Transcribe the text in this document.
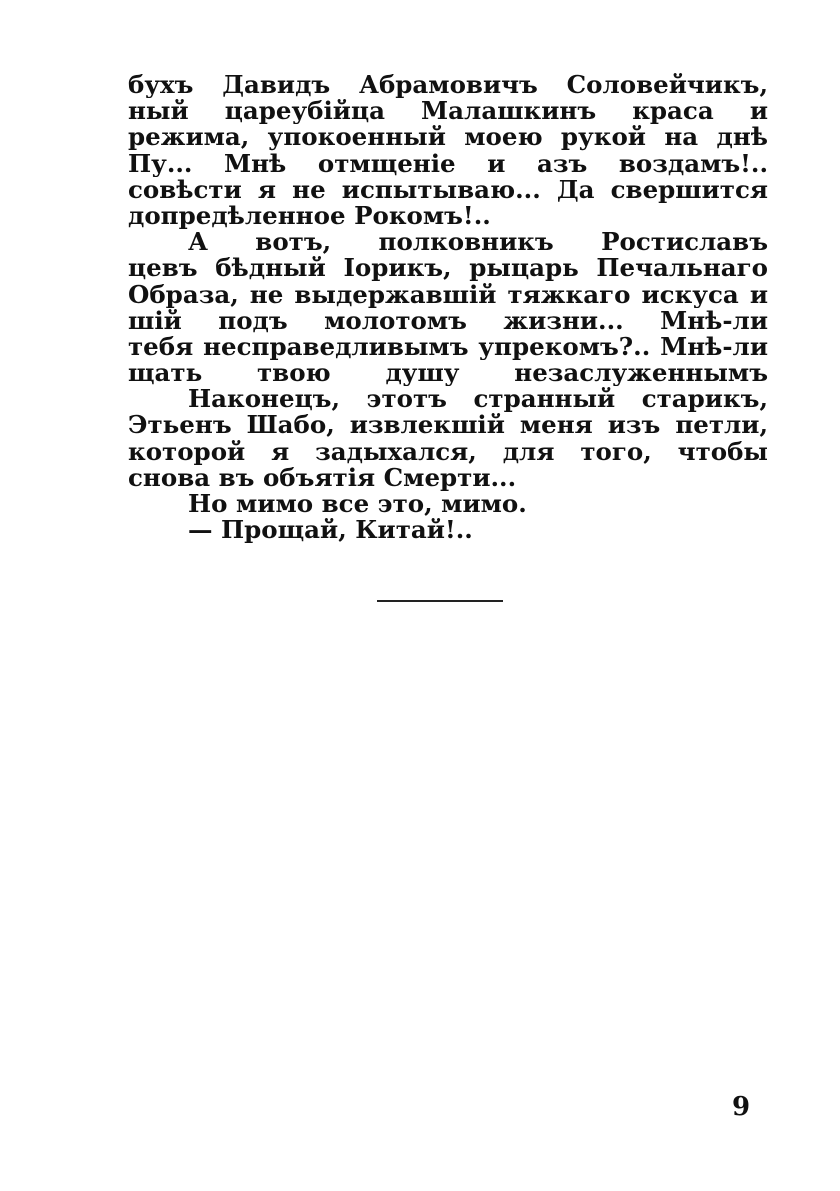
бухъ Давидъ Абрамовичъ Соловейчикъ,
ный цареубійца Малашкинъ краса и
режима, упокоенный моею рукой на днѣ
Пу... Мнѣ отмщеніе и азъ воздамъ!..
совѣсти я не испытываю... Да свершится
допредѣленное Рокомъ!..
А вотъ, полковникъ Ростиславъ
цевъ бѣдный Іорикъ, рыцарь Печальнаго
Образа, не выдержавшій тяжкаго искуса и
шій подъ молотомъ жизни... Мнѣ-ли
тебя несправедливымъ упрекомъ?.. Мнѣ-ли
щать твою душу незаслуженнымъ
Наконецъ, этотъ странный старикъ,
Этьенъ Шабо, извлекшій меня изъ петли,
которой я задыхался, для того, чтобы
снова въ объятія Смерти...
Но мимо все это, мимо.
— Прощай, Китай!..
9
